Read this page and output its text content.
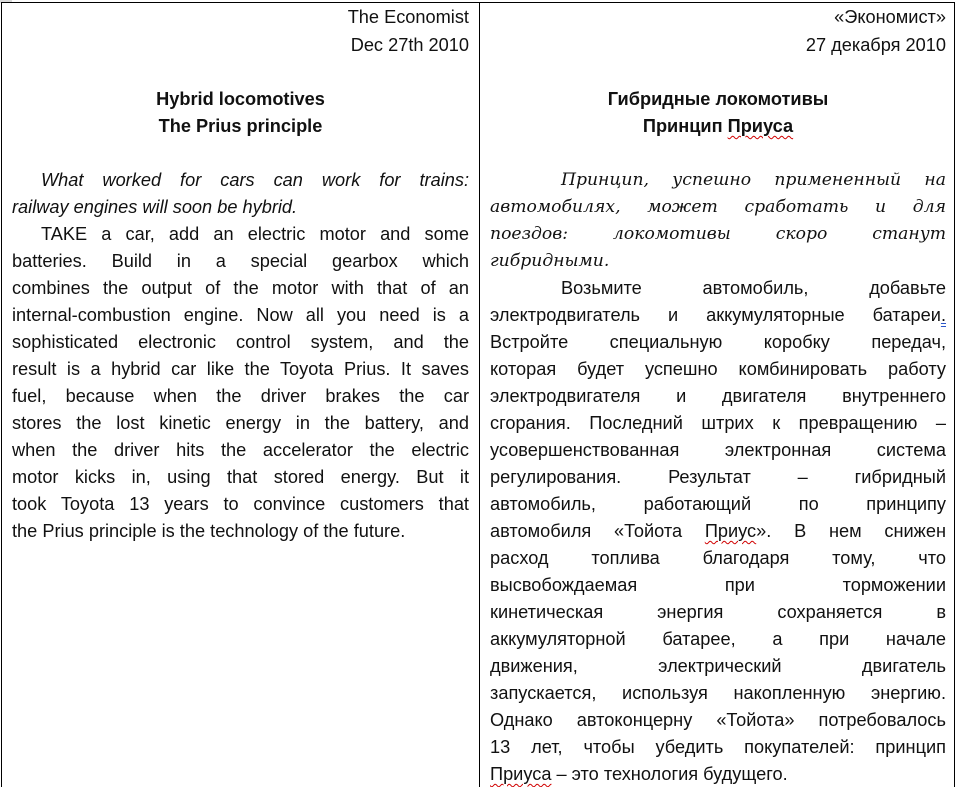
The Economist
Dec 27th 2010
Hybrid locomotives
The Prius principle
What worked for cars can work for trains:
railway engines will soon be hybrid.
TAKE a car, add an electric motor and some
batteries. Build in a special gearbox which
combines the output of the motor with that of an
internal-combustion engine. Now all you need is a
sophisticated electronic control system, and the
result is a hybrid car like the Toyota Prius. It saves
fuel, because when the driver brakes the car
stores the lost kinetic energy in the battery, and
when the driver hits the accelerator the electric
motor kicks in, using that stored energy. But it
took Toyota 13 years to convince customers that
the Prius principle is the technology of the future.
«Экономист»
27 декабря 2010
Гибридные локомотивы
Принцип Приуса
Принцип, успешно примененный на
автомобилях, может сработать и для
поездов: локомотивы скоро станут
гибридными.
Возьмите автомобиль, добавьте
электродвигатель и аккумуляторные батареи.
Встройте специальную коробку передач,
которая будет успешно комбинировать работу
электродвигателя и двигателя внутреннего
сгорания. Последний штрих к превращению –
усовершенствованная электронная система
регулирования. Результат – гибридный
автомобиль, работающий по принципу
автомобиля «Тойота Приус». В нем снижен
расход топлива благодаря тому, что
высвобождаемая при торможении
кинетическая энергия сохраняется в
аккумуляторной батарее, а при начале
движения, электрический двигатель
запускается, используя накопленную энергию.
Однако автоконцерну «Тойота» потребовалось
13 лет, чтобы убедить покупателей: принцип
Приуса – это технология будущего.
